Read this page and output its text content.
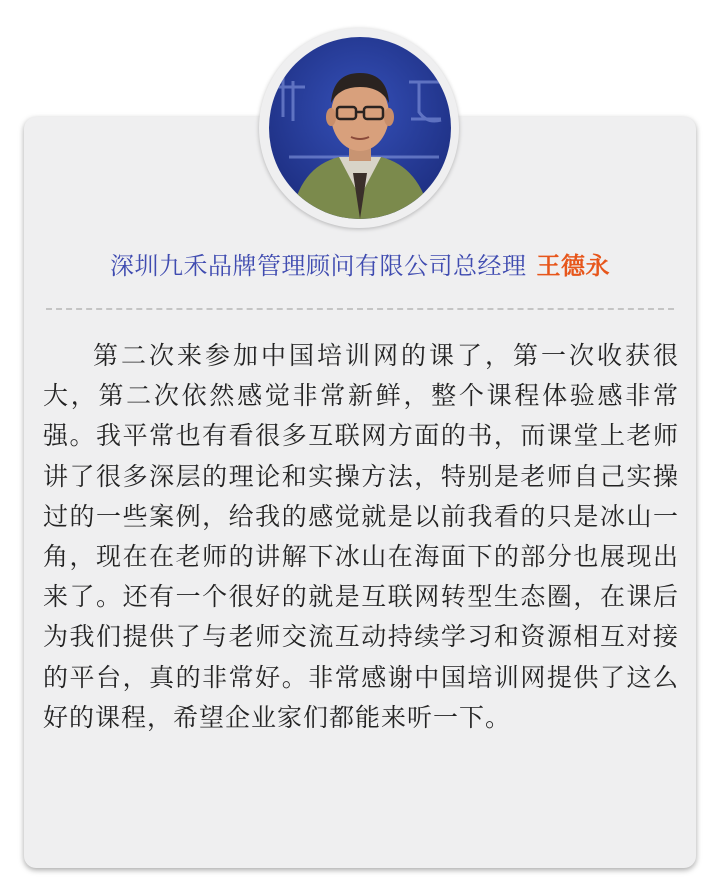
深圳九禾品牌管理顾问有限公司总经理 王德永

第二次来参加中国培训网的课了，第一次收获很大，第二次依然感觉非常新鲜，整个课程体验感非常强。我平常也有看很多互联网方面的书，而课堂上老师讲了很多深层的理论和实操方法，特别是老师自己实操过的一些案例，给我的感觉就是以前我看的只是冰山一角，现在在老师的讲解下冰山在海面下的部分也展现出来了。还有一个很好的就是互联网转型生态圈，在课后为我们提供了与老师交流互动持续学习和资源相互对接的平台，真的非常好。非常感谢中国培训网提供了这么好的课程，希望企业家们都能来听一下。
